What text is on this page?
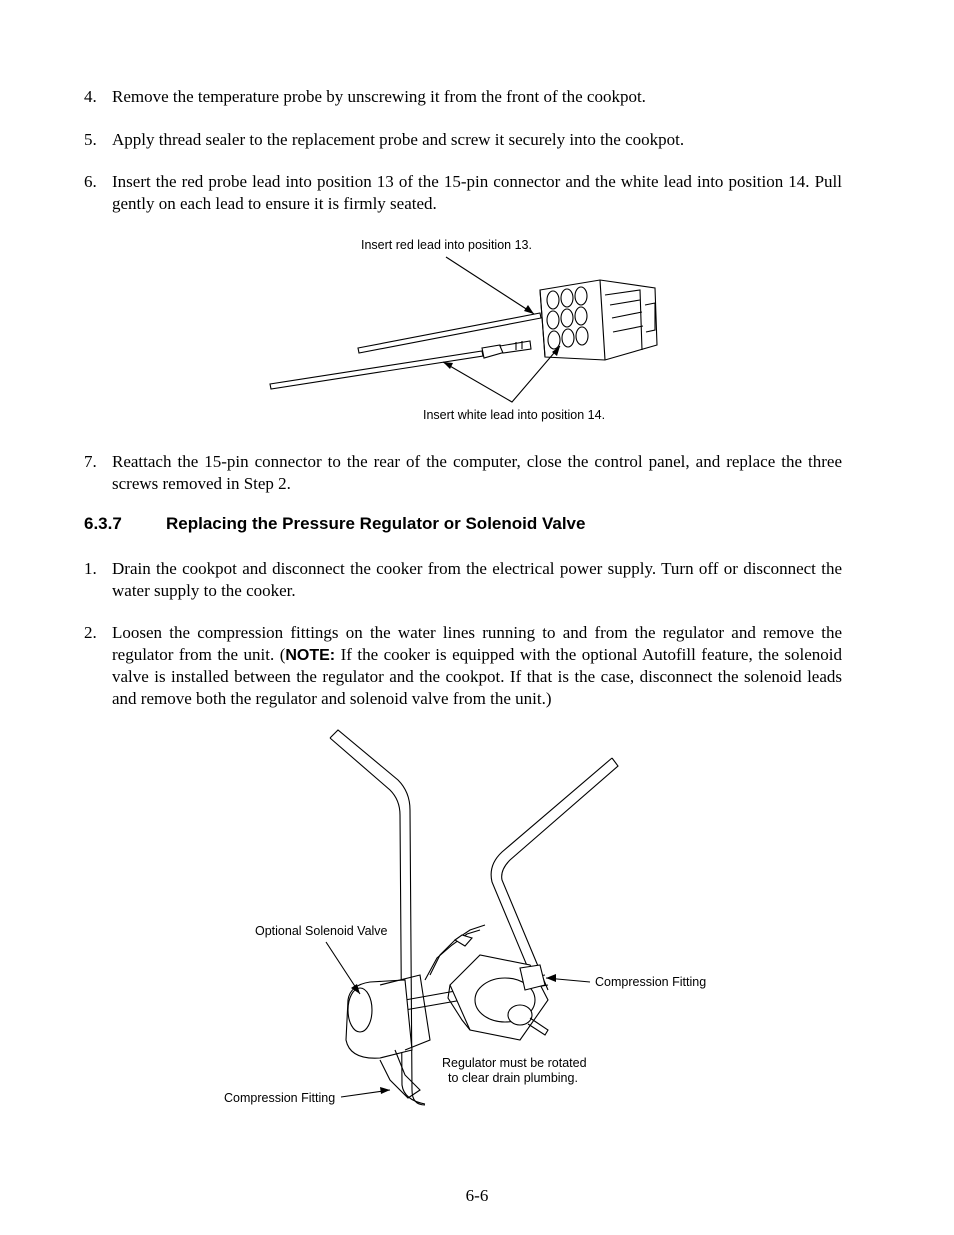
4. Remove the temperature probe by unscrewing it from the front of the cookpot.
5. Apply thread sealer to the replacement probe and screw it securely into the cookpot.
6. Insert the red probe lead into position 13 of the 15-pin connector and the white lead into position 14. Pull gently on each lead to ensure it is firmly seated.
Insert red lead into position 13.
Insert white lead into position 14.
7. Reattach the 15-pin connector to the rear of the computer, close the control panel, and replace the three screws removed in Step 2.
6.3.7	Replacing the Pressure Regulator or Solenoid Valve
1. Drain the cookpot and disconnect the cooker from the electrical power supply. Turn off or disconnect the water supply to the cooker.
2. Loosen the compression fittings on the water lines running to and from the regulator and remove the regulator from the unit. (NOTE: If the cooker is equipped with the optional Autofill feature, the solenoid valve is installed between the regulator and the cookpot. If that is the case, disconnect the solenoid leads and remove both the regulator and solenoid valve from the unit.)
Optional Solenoid Valve
Compression Fitting
Regulator must be rotated
to clear drain plumbing.
Compression Fitting
6-6
